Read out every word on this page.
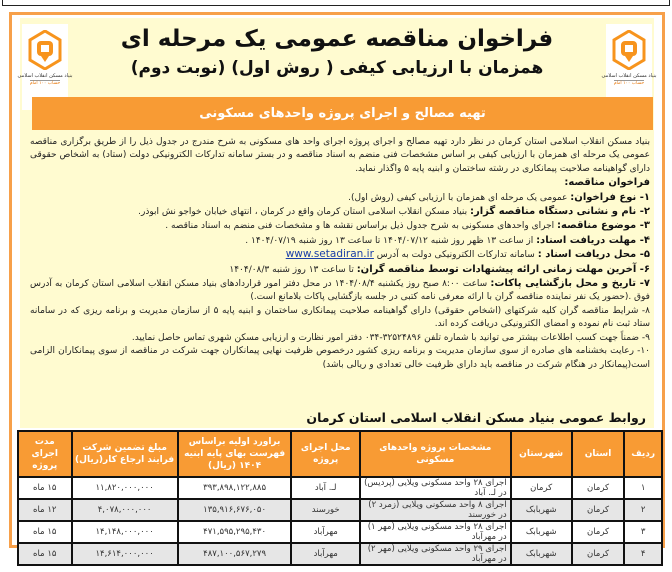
بنیاد مسکن انقلاب اسلامی
حساب ۱۰۰ امام
بنیاد مسکن انقلاب اسلامی
حساب ۱۰۰ امام
فراخوان مناقصه عمومی یک مرحله ای
همزمان با ارزیابی کیفی ( روش اول) (نوبت دوم)
تهیه مصالح و اجرای پروژه واحدهای مسکونی

بنیاد مسکن انقلاب اسلامی استان کرمان در نظر دارد تهیه مصالح و اجرای پروژه اجرای واحد های مسکونی به شرح مندرج در جدول ذیل را از طریق برگزاری مناقصه عمومی یک مرحله ای همزمان با ارزیابی کیفی بر اساس مشخصات فنی منضم به اسناد مناقصه و در بستر سامانه تدارکات الکترونیکی دولت (ستاد) به اشخاص حقوقی دارای گواهینامه صلاحیت پیمانکاری در رشته ساختمان و ابنیه پایه ۵ واگذار نماید.

فراخوان مناقصه:

۱- نوع فراخوان: عمومی یک مرحله ای همزمان با ارزیابی کیفی (روش اول).

۲- نام و نشانی دستگاه مناقصه گزار: بنیاد مسکن انقلاب اسلامی استان کرمان واقع در کرمان ، انتهای خیابان خواجو نش ابوذر.

۳- موضوع مناقصه: اجرای واحدهای مسکونی به شرح جدول ذیل براساس نقشه ها و مشخصات فنی منضم به اسناد مناقصه .

۴- مهلت دریافت اسناد: از ساعت ۱۳ ظهر روز شنبه ۱۴۰۴/۰۷/۱۲ تا ساعت ۱۳ روز شنبه ۱۴۰۴/۰۷/۱۹ .

۵- محل دریافت اسناد : سامانه تدارکات الکترونیکی دولت به آدرس www.setadiran.ir

۶- آخرین مهلت زمانی ارائه پیشنهادات توسط مناقصه گران: تا ساعت ۱۳ روز شنبه ۱۴۰۴/۰۸/۳

۷- تاریخ و محل بازگشایی پاکات: ساعت ۸:۰۰ صبح روز یکشنبه ۱۴۰۴/۰۸/۴ در محل دفتر امور قراردادهای بنیاد مسکن انقلاب اسلامی استان کرمان به آدرس فوق .(حضور یک نفر نماینده مناقصه گران با ارائه معرفی نامه کتبی در جلسه بازگشایی پاکات بلامانع است.)

۸- شرایط مناقصه گران کلیه شرکتهای (اشخاص حقوقی) دارای گواهینامه صلاحیت پیمانکاری ساختمان و ابنیه پایه ۵ از سازمان مدیریت و برنامه ریزی که در سامانه ستاد ثبت نام نموده و امضای الکترونیکی دریافت کرده اند.

۹- ضمناً جهت کسب اطلاعات بیشتر می توانید با شماره تلفن ۳۲۵۲۴۸۹۶-۰۳۴ دفتر امور نظارت و ارزیابی مسکن شهری تماس حاصل نمایید.

۱۰- رعایت بخشنامه های صادره از سوی سازمان مدیریت و برنامه ریزی کشور درخصوص ظرفیت نهایی پیمانکاران جهت شرکت در مناقصه از سوی پیمانکاران الزامی است(پیمانکار در هنگام شرکت در مناقصه باید دارای ظرفیت خالی تعدادی و ریالی باشد)

روابط عمومی بنیاد مسکن انقلاب اسلامی استان کرمان
ردیف	استان	شهرستان	مشخصات پروژه واحدهای مسکونی	محل اجرای پروژه	براورد اولیه براساس فهرست بهای پایه ابنیه ۱۴۰۴ (ریال)	مبلغ تضمین شرکت فرایند ارجاع کار(ریال)	مدت اجرای پروژه
۱	کرمان	کرمان	اجرای ۲۸ واحد مسکونی ویلایی (پردیس) در لـ. آباد	لـ. آباد	۳۹۳,۸۹۸,۱۲۲,۸۸۵	۱۱,۸۲۰,۰۰۰,۰۰۰	۱۵ ماه
۲	کرمان	شهربابک	اجرای ۸ واحد مسکونی ویلایی (زمرد ۲) در خورسند	خورسند	۱۳۵,۹۱۶,۶۷۶,۰۵۰	۴,۰۷۸,۰۰۰,۰۰۰	۱۲ ماه
۳	کرمان	شهربابک	اجرای ۲۸ واحد مسکونی ویلایی (مهر ۱) در مهرآباد	مهرآباد	۴۷۱,۵۹۵,۲۹۵,۴۳۰	۱۴,۱۴۸,۰۰۰,۰۰۰	۱۵ ماه
۴	کرمان	شهربابک	اجرای ۲۹ واحد مسکونی ویلایی (مهر ۲) در مهرآباد	مهرآباد	۴۸۷,۱۰۰,۵۶۷,۲۷۹	۱۴,۶۱۴,۰۰۰,۰۰۰	۱۵ ماه
